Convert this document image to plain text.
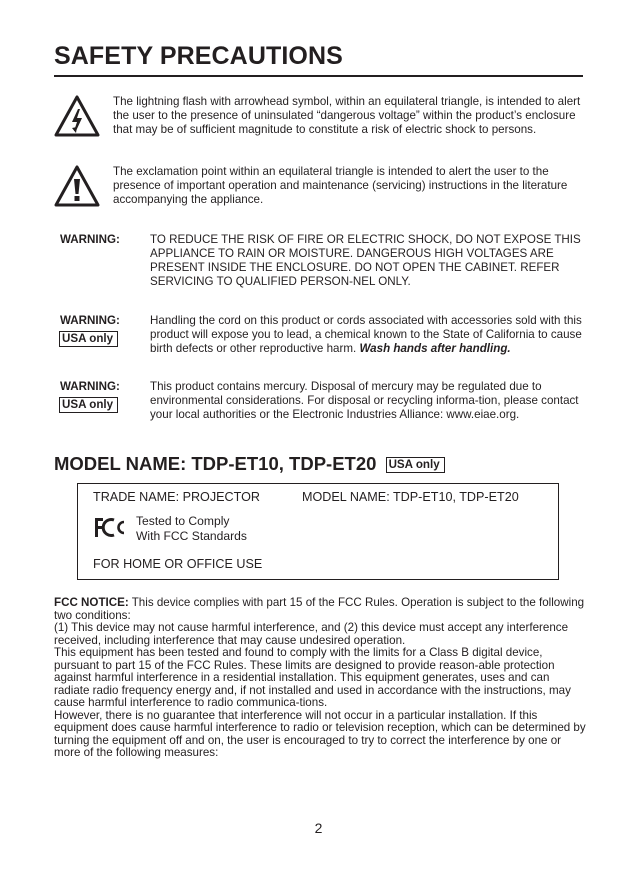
SAFETY PRECAUTIONS
The lightning flash with arrowhead symbol, within an equilateral triangle, is intended to alert the user to the presence of uninsulated “dangerous voltage” within the product’s enclosure that may be of sufficient magnitude to constitute a risk of electric shock to persons.
The exclamation point within an equilateral triangle is intended to alert the user to the presence of important operation and maintenance (servicing) instructions in the literature accompanying the appliance.
WARNING:	TO REDUCE THE RISK OF FIRE OR ELECTRIC SHOCK, DO NOT EXPOSE THIS APPLIANCE TO RAIN OR MOISTURE. DANGEROUS HIGH VOLTAGES ARE PRESENT INSIDE THE ENCLOSURE. DO NOT OPEN THE CABINET. REFER SERVICING TO QUALIFIED PERSON-NEL ONLY.
WARNING:
USA only
Handling the cord on this product or cords associated with accessories sold with this product will expose you to lead, a chemical known to the State of California to cause birth defects or other reproductive harm. Wash hands after handling.
WARNING:
USA only
This product contains mercury. Disposal of mercury may be regulated due to environmental considerations. For disposal or recycling informa-tion, please contact your local authorities or the Electronic Industries Alliance: www.eiae.org.
MODEL NAME: TDP-ET10, TDP-ET20 USA only
TRADE NAME: PROJECTOR	MODEL NAME: TDP-ET10, TDP-ET20
Tested to Comply
With FCC Standards
FOR HOME OR OFFICE USE

FCC NOTICE: This device complies with part 15 of the FCC Rules. Operation is subject to the following two conditions:

(1) This device may not cause harmful interference, and (2) this device must accept any interference received, including interference that may cause undesired operation.

This equipment has been tested and found to comply with the limits for a Class B digital device, pursuant to part 15 of the FCC Rules. These limits are designed to provide reason-able protection against harmful interference in a residential installation. This equipment generates, uses and can radiate radio frequency energy and, if not installed and used in accordance with the instructions, may cause harmful interference to radio communica-tions.

However, there is no guarantee that interference will not occur in a particular installation. If this equipment does cause harmful interference to radio or television reception, which can be determined by turning the equipment off and on, the user is encouraged to try to correct the interference by one or more of the following measures:

2
